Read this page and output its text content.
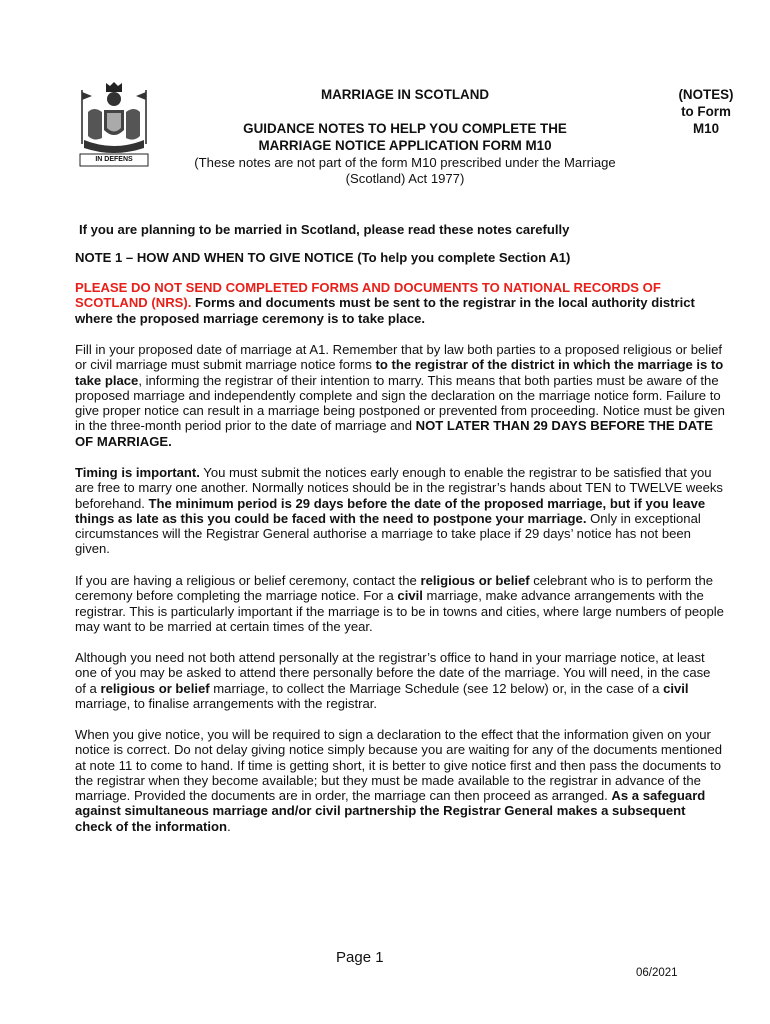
IN DEFENS
MARRIAGE IN SCOTLAND
GUIDANCE NOTES TO HELP YOU COMPLETE THE
MARRIAGE NOTICE APPLICATION FORM M10
(These notes are not part of the form M10 prescribed under the Marriage
(Scotland) Act 1977)
(NOTES)
to Form
M10
If you are planning to be married in Scotland, please read these notes carefully
NOTE 1 – HOW AND WHEN TO GIVE NOTICE (To help you complete Section A1)

PLEASE DO NOT SEND COMPLETED FORMS AND DOCUMENTS TO NATIONAL RECORDS OF SCOTLAND (NRS). Forms and documents must be sent to the registrar in the local authority district where the proposed marriage ceremony is to take place.

Fill in your proposed date of marriage at A1. Remember that by law both parties to a proposed religious or belief or civil marriage must submit marriage notice forms to the registrar of the district in which the marriage is to take place, informing the registrar of their intention to marry. This means that both parties must be aware of the proposed marriage and independently complete and sign the declaration on the marriage notice form. Failure to give proper notice can result in a marriage being postponed or prevented from proceeding. Notice must be given in the three-month period prior to the date of marriage and NOT LATER THAN 29 DAYS BEFORE THE DATE OF MARRIAGE.

Timing is important. You must submit the notices early enough to enable the registrar to be satisfied that you are free to marry one another. Normally notices should be in the registrar’s hands about TEN to TWELVE weeks beforehand. The minimum period is 29 days before the date of the proposed marriage, but if you leave things as late as this you could be faced with the need to postpone your marriage. Only in exceptional circumstances will the Registrar General authorise a marriage to take place if 29 days’ notice has not been given.

If you are having a religious or belief ceremony, contact the religious or belief celebrant who is to perform the ceremony before completing the marriage notice. For a civil marriage, make advance arrangements with the registrar. This is particularly important if the marriage is to be in towns and cities, where large numbers of people may want to be married at certain times of the year.

Although you need not both attend personally at the registrar’s office to hand in your marriage notice, at least one of you may be asked to attend there personally before the date of the marriage. You will need, in the case of a religious or belief marriage, to collect the Marriage Schedule (see 12 below) or, in the case of a civil marriage, to finalise arrangements with the registrar.

When you give notice, you will be required to sign a declaration to the effect that the information given on your notice is correct. Do not delay giving notice simply because you are waiting for any of the documents mentioned at note 11 to come to hand. If time is getting short, it is better to give notice first and then pass the documents to the registrar when they become available; but they must be made available to the registrar in advance of the marriage. Provided the documents are in order, the marriage can then proceed as arranged. As a safeguard against simultaneous marriage and/or civil partnership the Registrar General makes a subsequent check of the information.

Page 1
06/2021
